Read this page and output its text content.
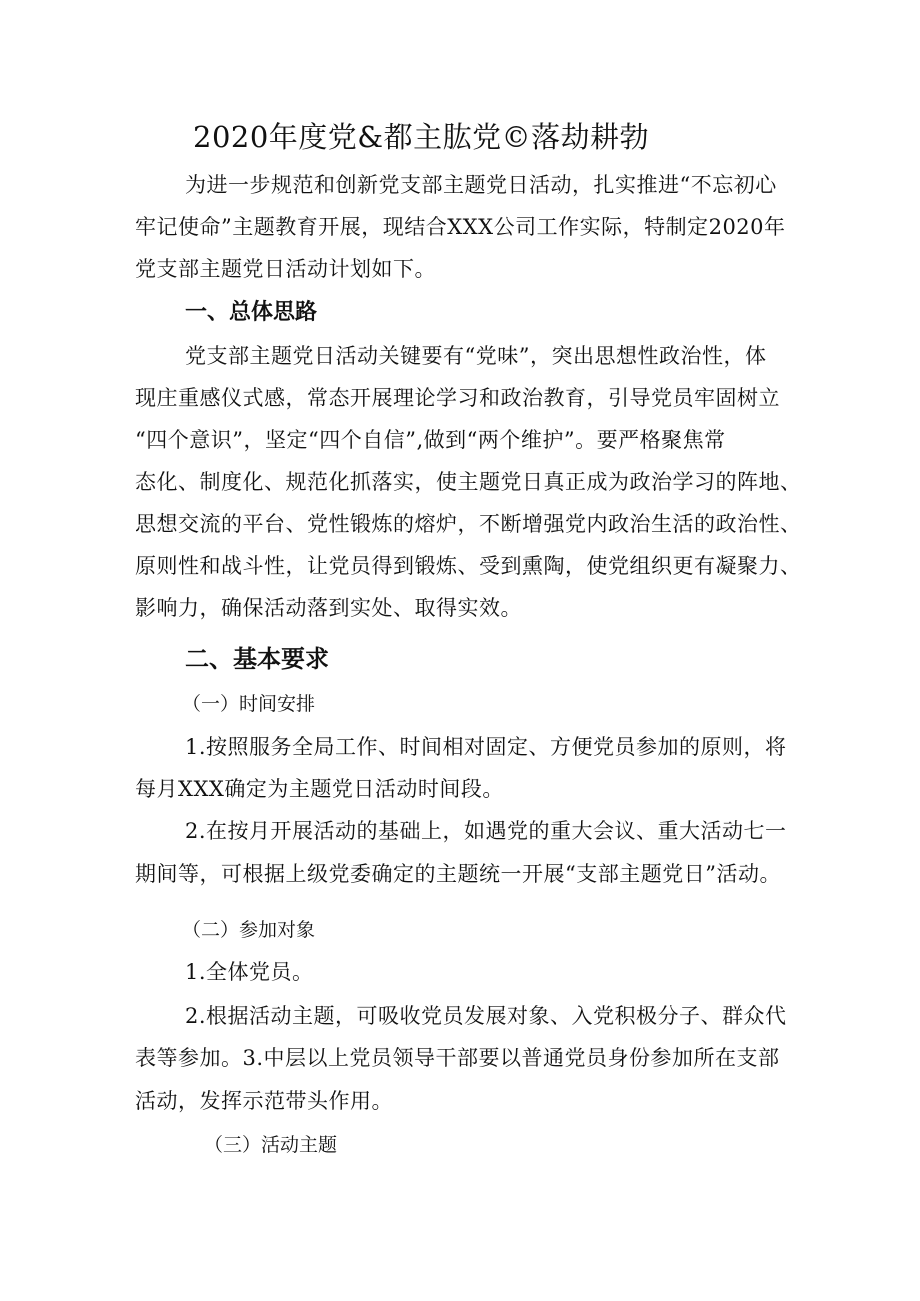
2020年度党&都主肱党©落劫耕勃
为进一步规范和创新党支部主题党日活动，扎实推进“不忘初心
牢记使命”主题教育开展，现结合XXX公司工作实际，特制定2020年
党支部主题党日活动计划如下。
一、总体思路
党支部主题党日活动关键要有“党味”，突出思想性政治性，体
现庄重感仪式感，常态开展理论学习和政治教育，引导党员牢固树立
“四个意识”，坚定“四个自信”,做到“两个维护”。要严格聚焦常
态化、制度化、规范化抓落实，使主题党日真正成为政治学习的阵地、
思想交流的平台、党性锻炼的熔炉，不断增强党内政治生活的政治性、
原则性和战斗性，让党员得到锻炼、受到熏陶，使党组织更有凝聚力、
影响力，确保活动落到实处、取得实效。
二、基本要求
（一）时间安排
1.按照服务全局工作、时间相对固定、方便党员参加的原则，将
每月XXX确定为主题党日活动时间段。
2.在按月开展活动的基础上，如遇党的重大会议、重大活动七一
期间等，可根据上级党委确定的主题统一开展“支部主题党日”活动。
（二）参加对象
1.全体党员。
2.根据活动主题，可吸收党员发展对象、入党积极分子、群众代
表等参加。3.中层以上党员领导干部要以普通党员身份参加所在支部
活动，发挥示范带头作用。
（三）活动主题
